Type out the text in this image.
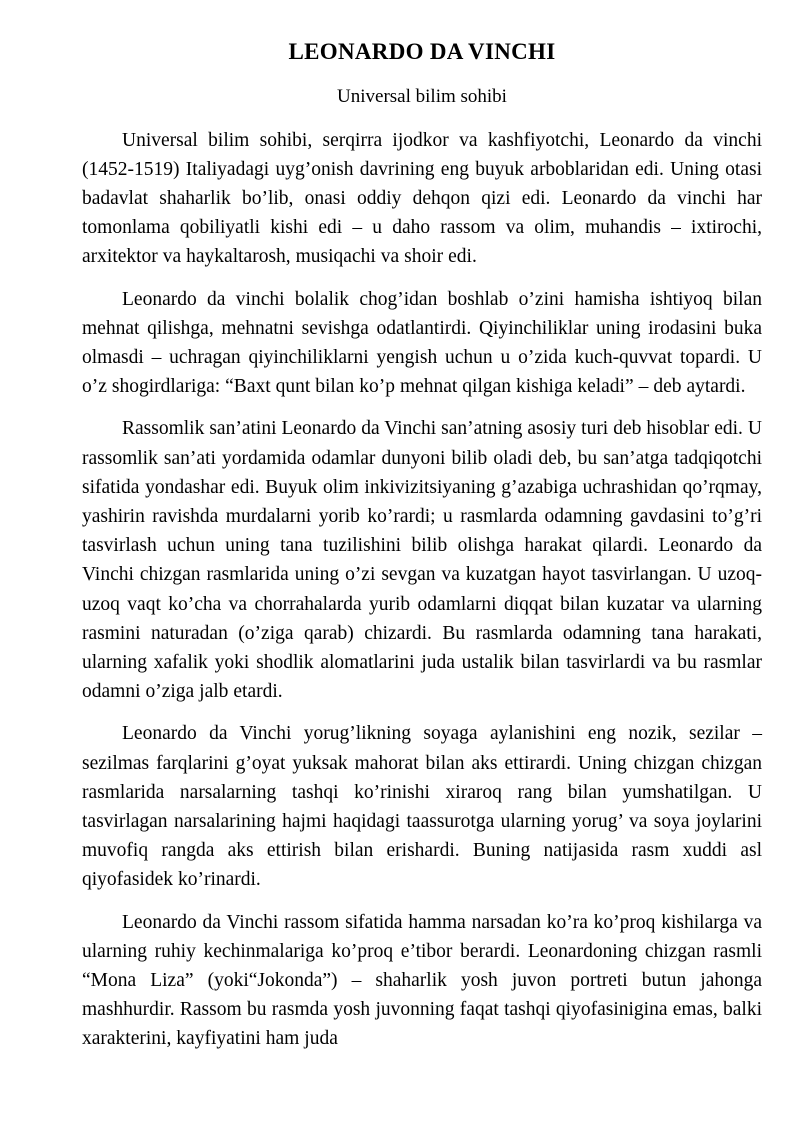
LEONARDO DA VINCHI
Universal bilim sohibi

Universal bilim sohibi, serqirra ijodkor va kashfiyotchi, Leonardo da vinchi (1452-1519) Italiyadagi uyg’onish davrining eng buyuk arboblaridan edi. Uning otasi badavlat shaharlik bo’lib, onasi oddiy dehqon qizi edi. Leonardo da vinchi har tomonlama qobiliyatli kishi edi – u daho rassom va olim, muhandis – ixtirochi, arxitektor va haykaltarosh, musiqachi va shoir edi.

Leonardo da vinchi bolalik chog’idan boshlab o’zini hamisha ishtiyoq bilan mehnat qilishga, mehnatni sevishga odatlantirdi. Qiyinchiliklar uning irodasini buka olmasdi – uchragan qiyinchiliklarni yengish uchun u o’zida kuch-quvvat topardi. U o’z shogirdlariga: “Baxt qunt bilan ko’p mehnat qilgan kishiga keladi” – deb aytardi.

Rassomlik san’atini Leonardo da Vinchi san’atning asosiy turi deb hisoblar edi. U rassomlik san’ati yordamida odamlar dunyoni bilib oladi deb, bu san’atga tadqiqotchi sifatida yondashar edi. Buyuk olim inkivizitsiyaning g’azabiga uchrashidan qo’rqmay, yashirin ravishda murdalarni yorib ko’rardi; u rasmlarda odamning gavdasini to’g’ri tasvirlash uchun uning tana tuzilishini bilib olishga harakat qilardi. Leonardo da Vinchi chizgan rasmlarida uning o’zi sevgan va kuzatgan hayot tasvirlangan. U uzoq- uzoq vaqt ko’cha va chorrahalarda yurib odamlarni diqqat bilan kuzatar va ularning rasmini naturadan (o’ziga qarab) chizardi. Bu rasmlarda odamning tana harakati, ularning xafalik yoki shodlik alomatlarini juda ustalik bilan tasvirlardi va bu rasmlar odamni o’ziga jalb etardi.

Leonardo da Vinchi yorug’likning soyaga aylanishini eng nozik, sezilar – sezilmas farqlarini g’oyat yuksak mahorat bilan aks ettirardi. Uning chizgan chizgan rasmlarida narsalarning tashqi ko’rinishi xiraroq rang bilan yumshatilgan. U tasvirlagan narsalarining hajmi haqidagi taassurotga ularning yorug’ va soya joylarini muvofiq rangda aks ettirish bilan erishardi. Buning natijasida rasm xuddi asl qiyofasidek ko’rinardi.

Leonardo da Vinchi rassom sifatida hamma narsadan ko’ra ko’proq kishilarga va ularning ruhiy kechinmalariga ko’proq e’tibor berardi. Leonardoning chizgan rasmli “Mona Liza” (yoki“Jokonda”) – shaharlik yosh juvon portreti butun jahonga mashhurdir. Rassom bu rasmda yosh juvonning faqat tashqi qiyofasinigina emas, balki xarakterini, kayfiyatini ham juda
